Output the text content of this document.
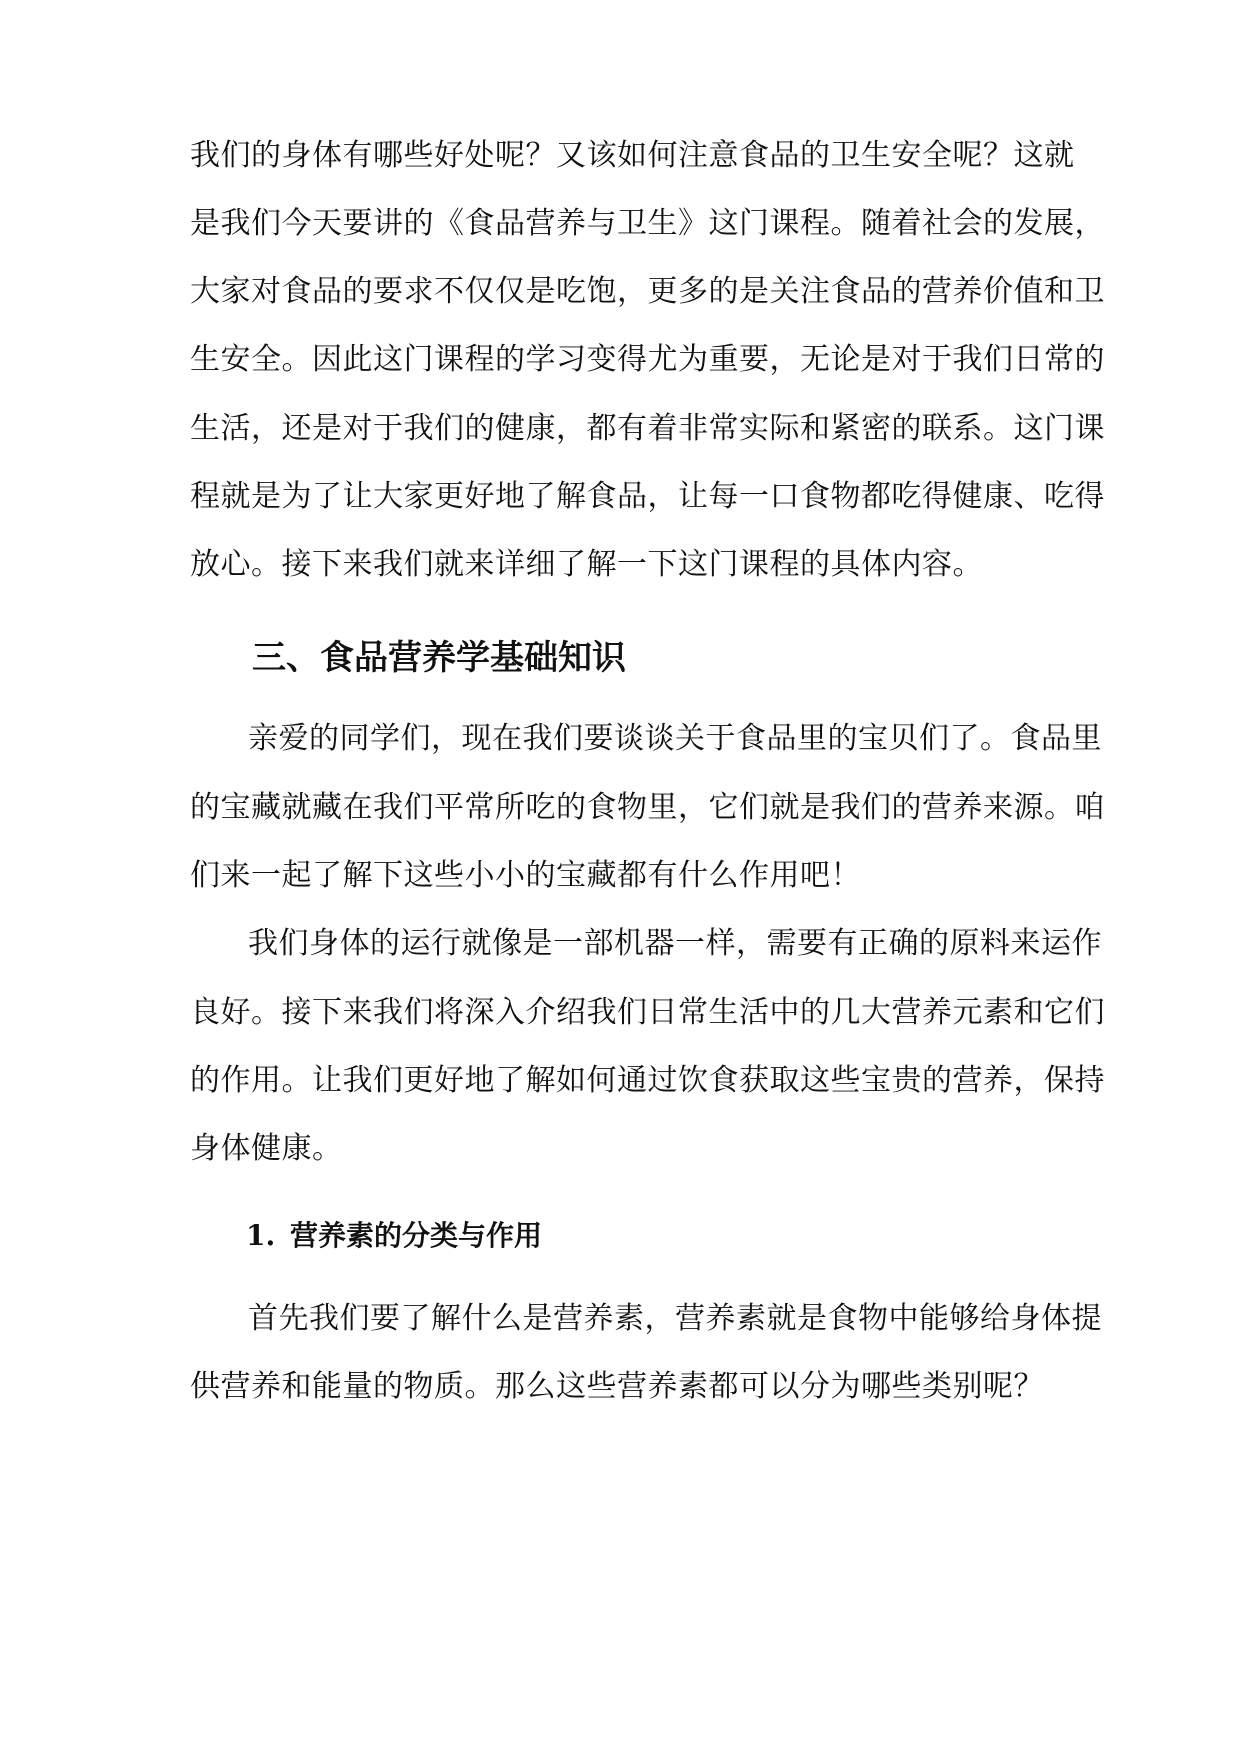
我们的身体有哪些好处呢？又该如何注意食品的卫生安全呢？这就
是我们今天要讲的《食品营养与卫生》这门课程。随着社会的发展，
大家对食品的要求不仅仅是吃饱，更多的是关注食品的营养价值和卫
生安全。因此这门课程的学习变得尤为重要，无论是对于我们日常的
生活，还是对于我们的健康，都有着非常实际和紧密的联系。这门课
程就是为了让大家更好地了解食品，让每一口食物都吃得健康、吃得
放心。接下来我们就来详细了解一下这门课程的具体内容。
三、食品营养学基础知识
亲爱的同学们，现在我们要谈谈关于食品里的宝贝们了。食品里
的宝藏就藏在我们平常所吃的食物里，它们就是我们的营养来源。咱
们来一起了解下这些小小的宝藏都有什么作用吧！
我们身体的运行就像是一部机器一样，需要有正确的原料来运作
良好。接下来我们将深入介绍我们日常生活中的几大营养元素和它们
的作用。让我们更好地了解如何通过饮食获取这些宝贵的营养，保持
身体健康。
1. 营养素的分类与作用
首先我们要了解什么是营养素，营养素就是食物中能够给身体提
供营养和能量的物质。那么这些营养素都可以分为哪些类别呢？
